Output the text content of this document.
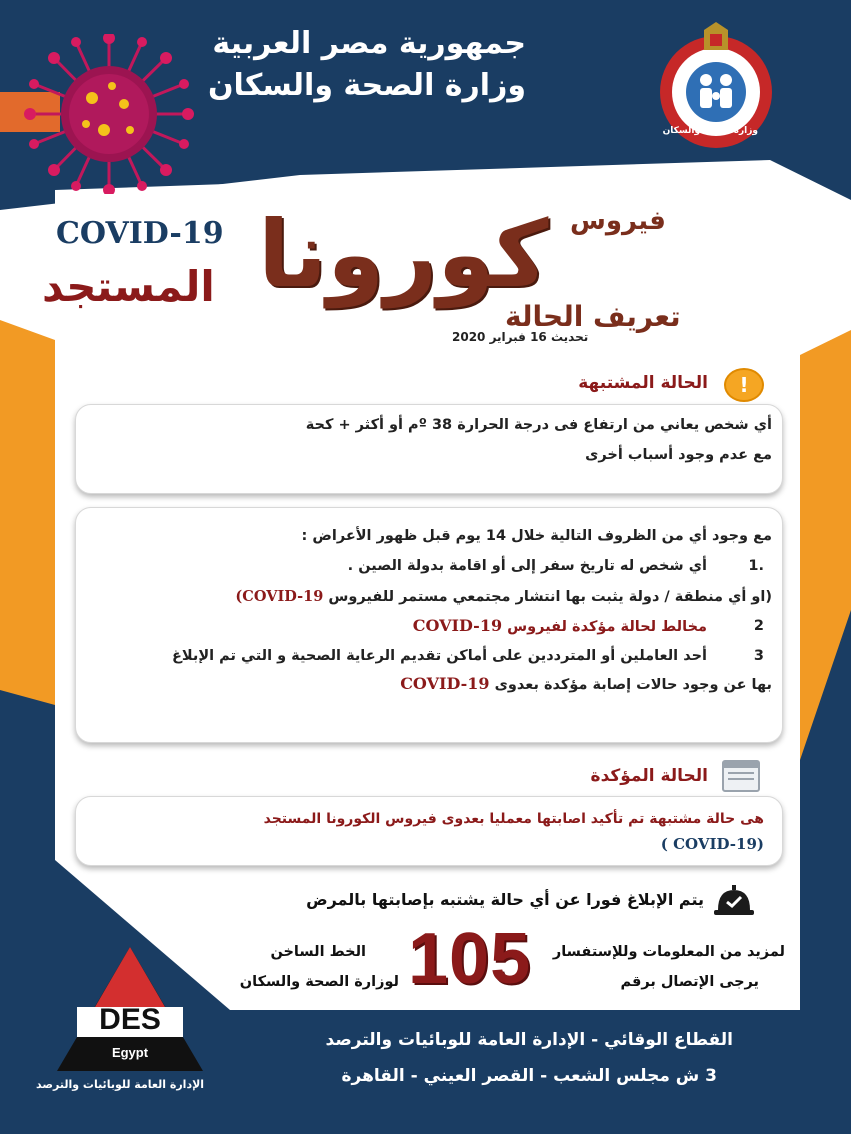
جمهورية مصر العربية
وزارة الصحة والسكان
وزارة الصحة والسكان
فيروس
كورونا
المستجد
COVID-19
تعريف الحالة
تحديث 16 فبراير 2020
!
الحالة المشتبهة
أي شخص يعاني من ارتفاع فى درجة الحرارة 38 ºم أو أكثر + كحة
مع عدم وجود أسباب أخرى
مع وجود أي من الظروف التالية خلال 14 يوم قبل ظهور الأعراض :
.1
أي شخص له تاريخ سفر إلى أو اقامة بدولة الصين .
(او أي منطقة / دولة يثبت بها انتشار مجتمعي مستمر للفيروس COVID-19)
2
مخالط لحالة مؤكدة لفيروس COVID-19
3
أحد العاملين أو المترددين على أماكن تقديم الرعاية الصحية و التي تم الإبلاغ
بها عن وجود حالات إصابة مؤكدة بعدوى COVID-19
الحالة المؤكدة
هى حالة مشتبهة تم تأكيد اصابتها معمليا بعدوى فيروس الكورونا المستجد
( COVID-19)
يتم الإبلاغ فورا عن أي حالة يشتبه بإصابتها بالمرض
لمزيد من المعلومات وللإستفسار
يرجى الإتصال برقم
105
الخط الساخن
لوزارة الصحة والسكان
DES
Egypt
الإدارة العامة للوبائيات والترصد
القطاع الوقائي - الإدارة العامة للوبائيات والترصد
3 ش مجلس الشعب - القصر العيني - القاهرة
